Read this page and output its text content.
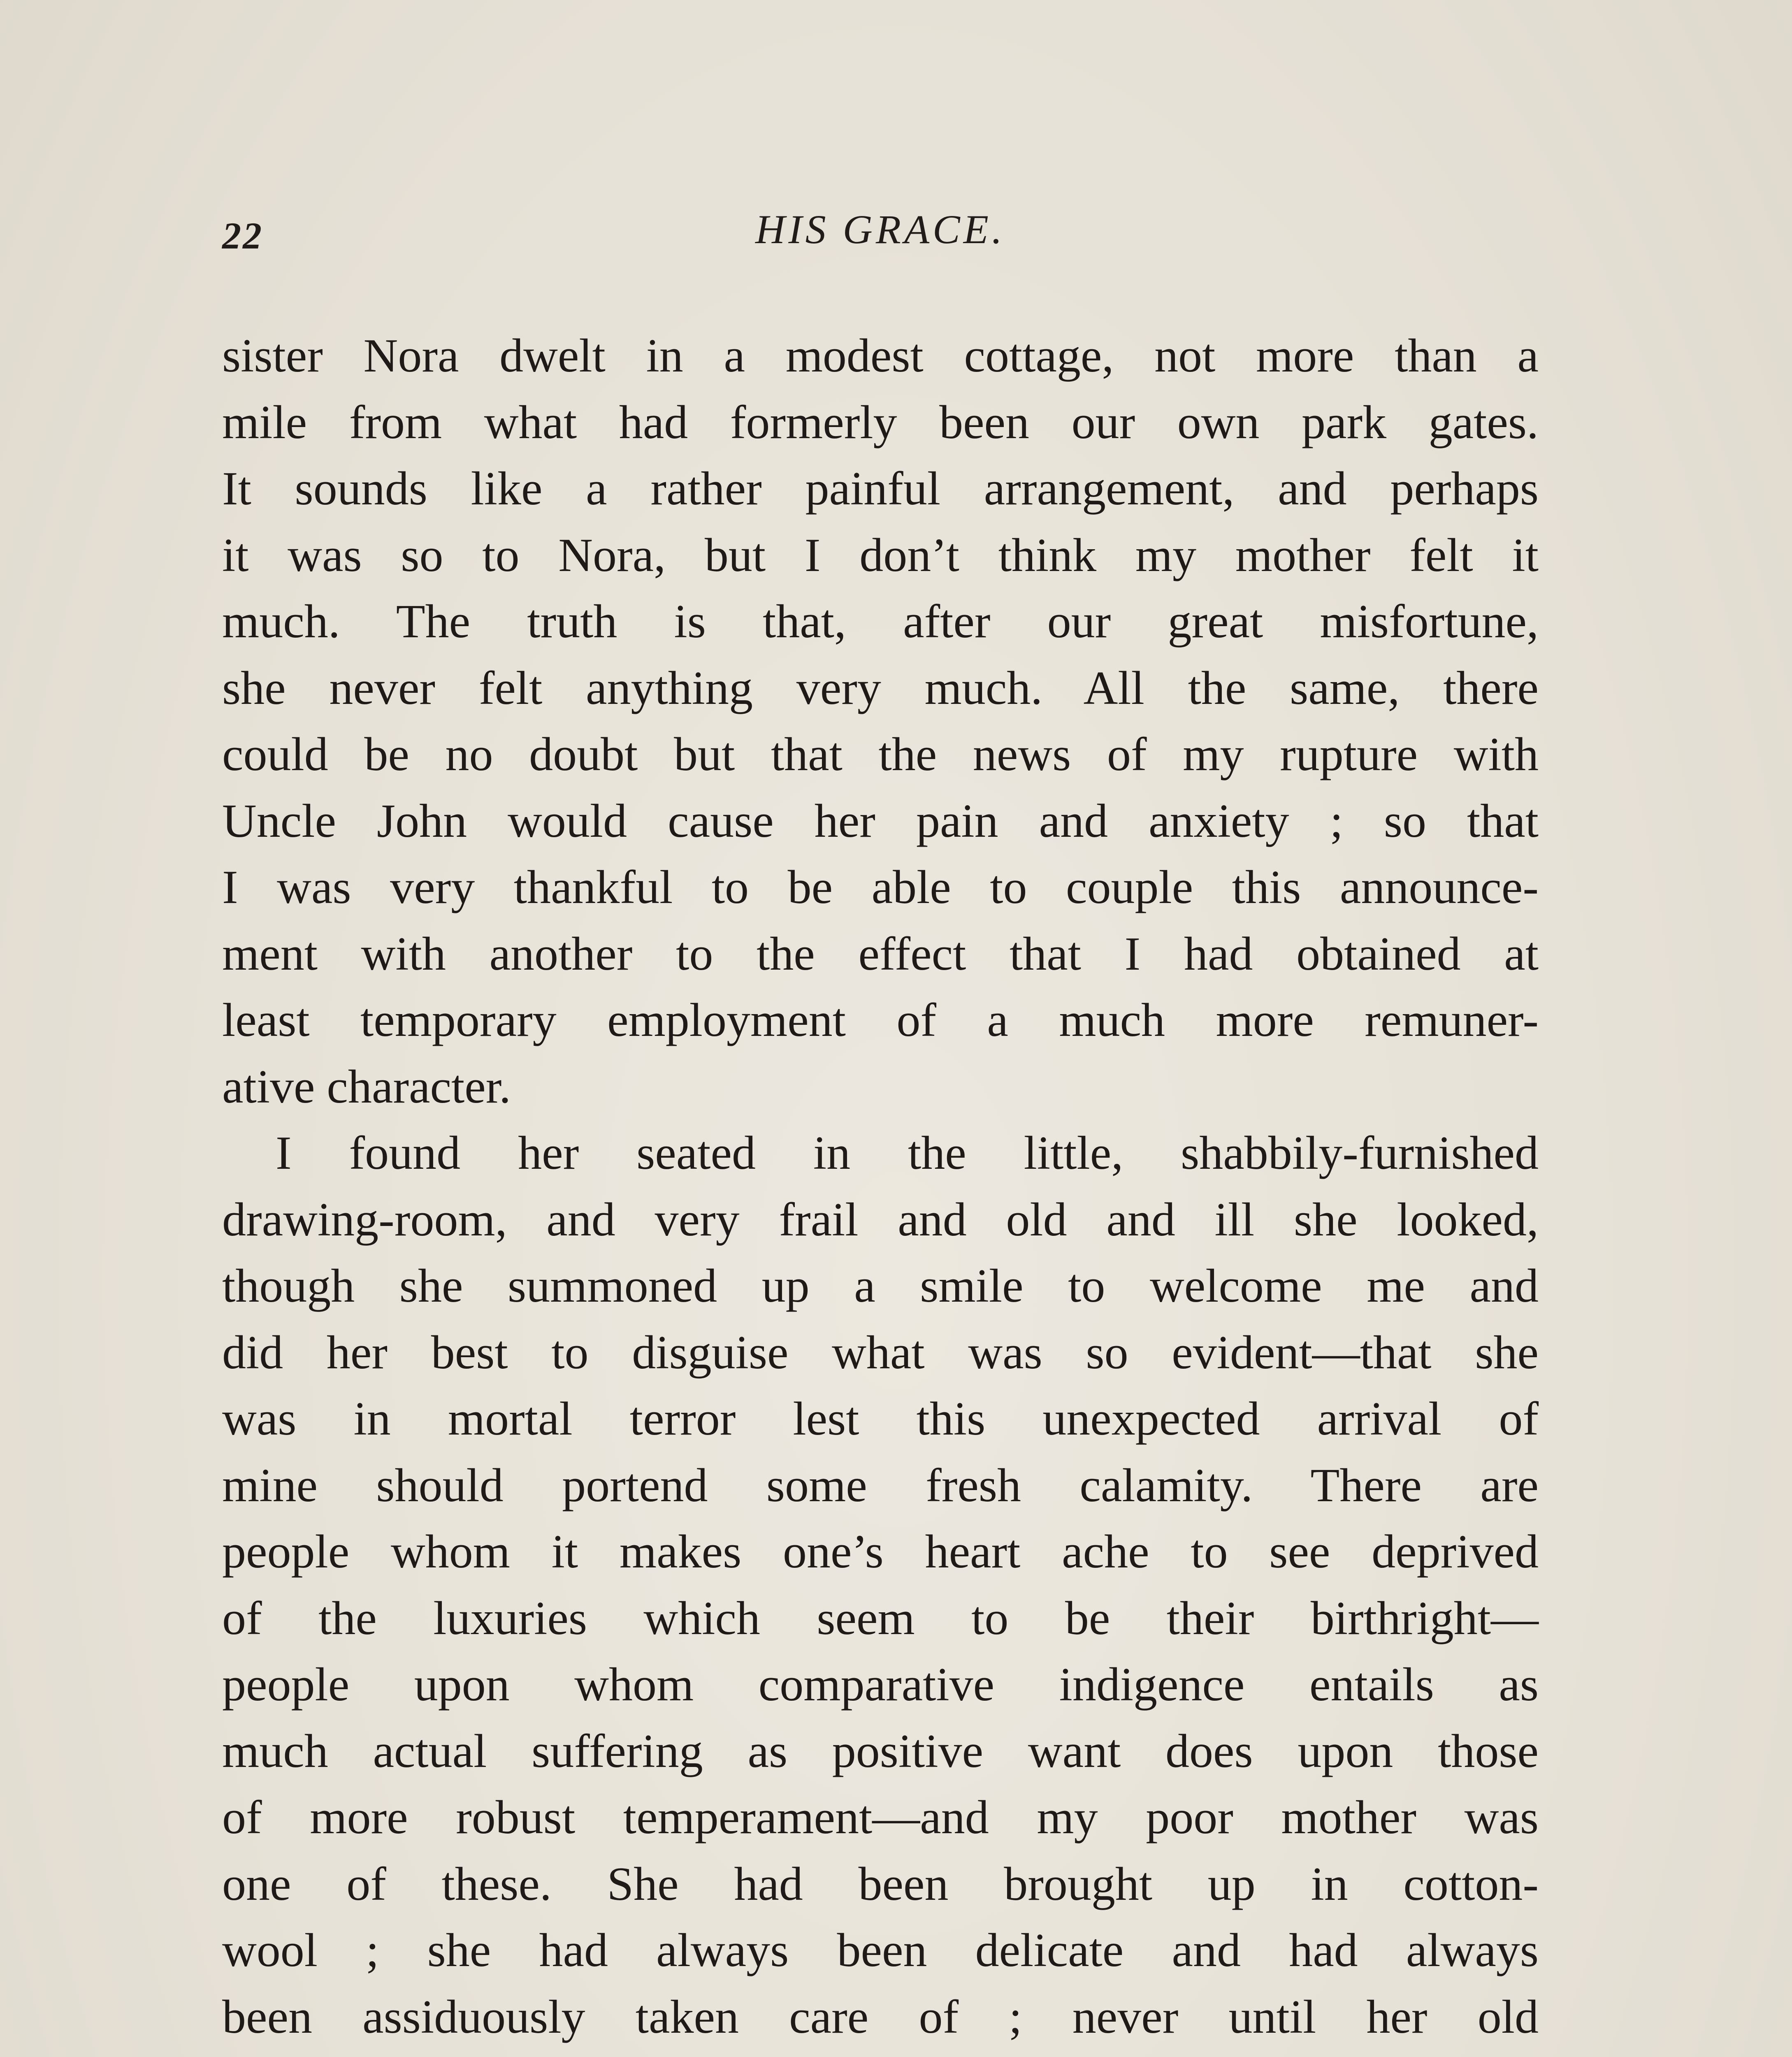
22	HIS GRACE.
sister Nora dwelt in a modest cottage, not more than a
mile from what had formerly been our own park gates.
It sounds like a rather painful arrangement, and perhaps
it was so to Nora, but I don’t think my mother felt it
much. The truth is that, after our great misfortune,
she never felt anything very much. All the same, there
could be no doubt but that the news of my rupture with
Uncle John would cause her pain and anxiety ; so that
I was very thankful to be able to couple this announce-
ment with another to the effect that I had obtained at
least temporary employment of a much more remuner-
ative character.
I found her seated in the little, shabbily-furnished
drawing-room, and very frail and old and ill she looked,
though she summoned up a smile to welcome me and
did her best to disguise what was so evident—that she
was in mortal terror lest this unexpected arrival of
mine should portend some fresh calamity. There are
people whom it makes one’s heart ache to see deprived
of the luxuries which seem to be their birthright—
people upon whom comparative indigence entails as
much actual suffering as positive want does upon those
of more robust temperament—and my poor mother was
one of these. She had been brought up in cotton-
wool ; she had always been delicate and had always
been assiduously taken care of ; never until her old
